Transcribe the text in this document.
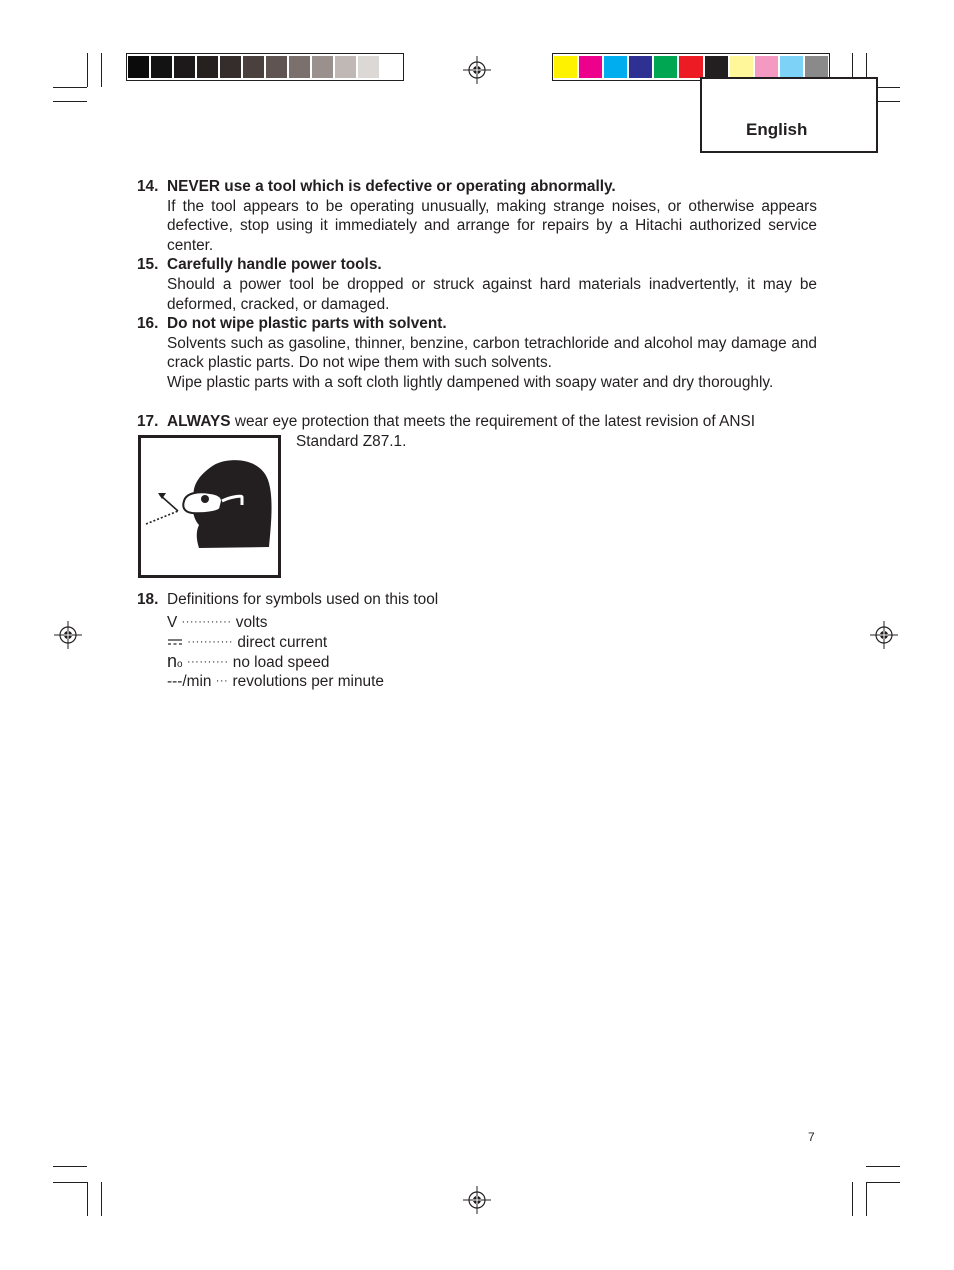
English
14. NEVER use a tool which is defective or operating abnormally.
If the tool appears to be operating unusually, making strange noises, or otherwise appears defective, stop using it immediately and arrange for repairs by a Hitachi authorized service center.
15. Carefully handle power tools.
Should a power tool be dropped or struck against hard materials inadvertently, it may be deformed, cracked, or damaged.
16. Do not wipe plastic parts with solvent.
Solvents such as gasoline, thinner, benzine, carbon tetrachloride and alcohol may damage and crack plastic parts. Do not wipe them with such solvents.
Wipe plastic parts with a soft cloth lightly dampened with soapy water and dry thoroughly.
17. ALWAYS wear eye protection that meets the requirement of the latest revision of ANSI
Standard Z87.1.
18. Definitions for symbols used on this tool
V ············ volts
··········· direct current
no ·········· no load speed
---/min ··· revolutions per minute
7
